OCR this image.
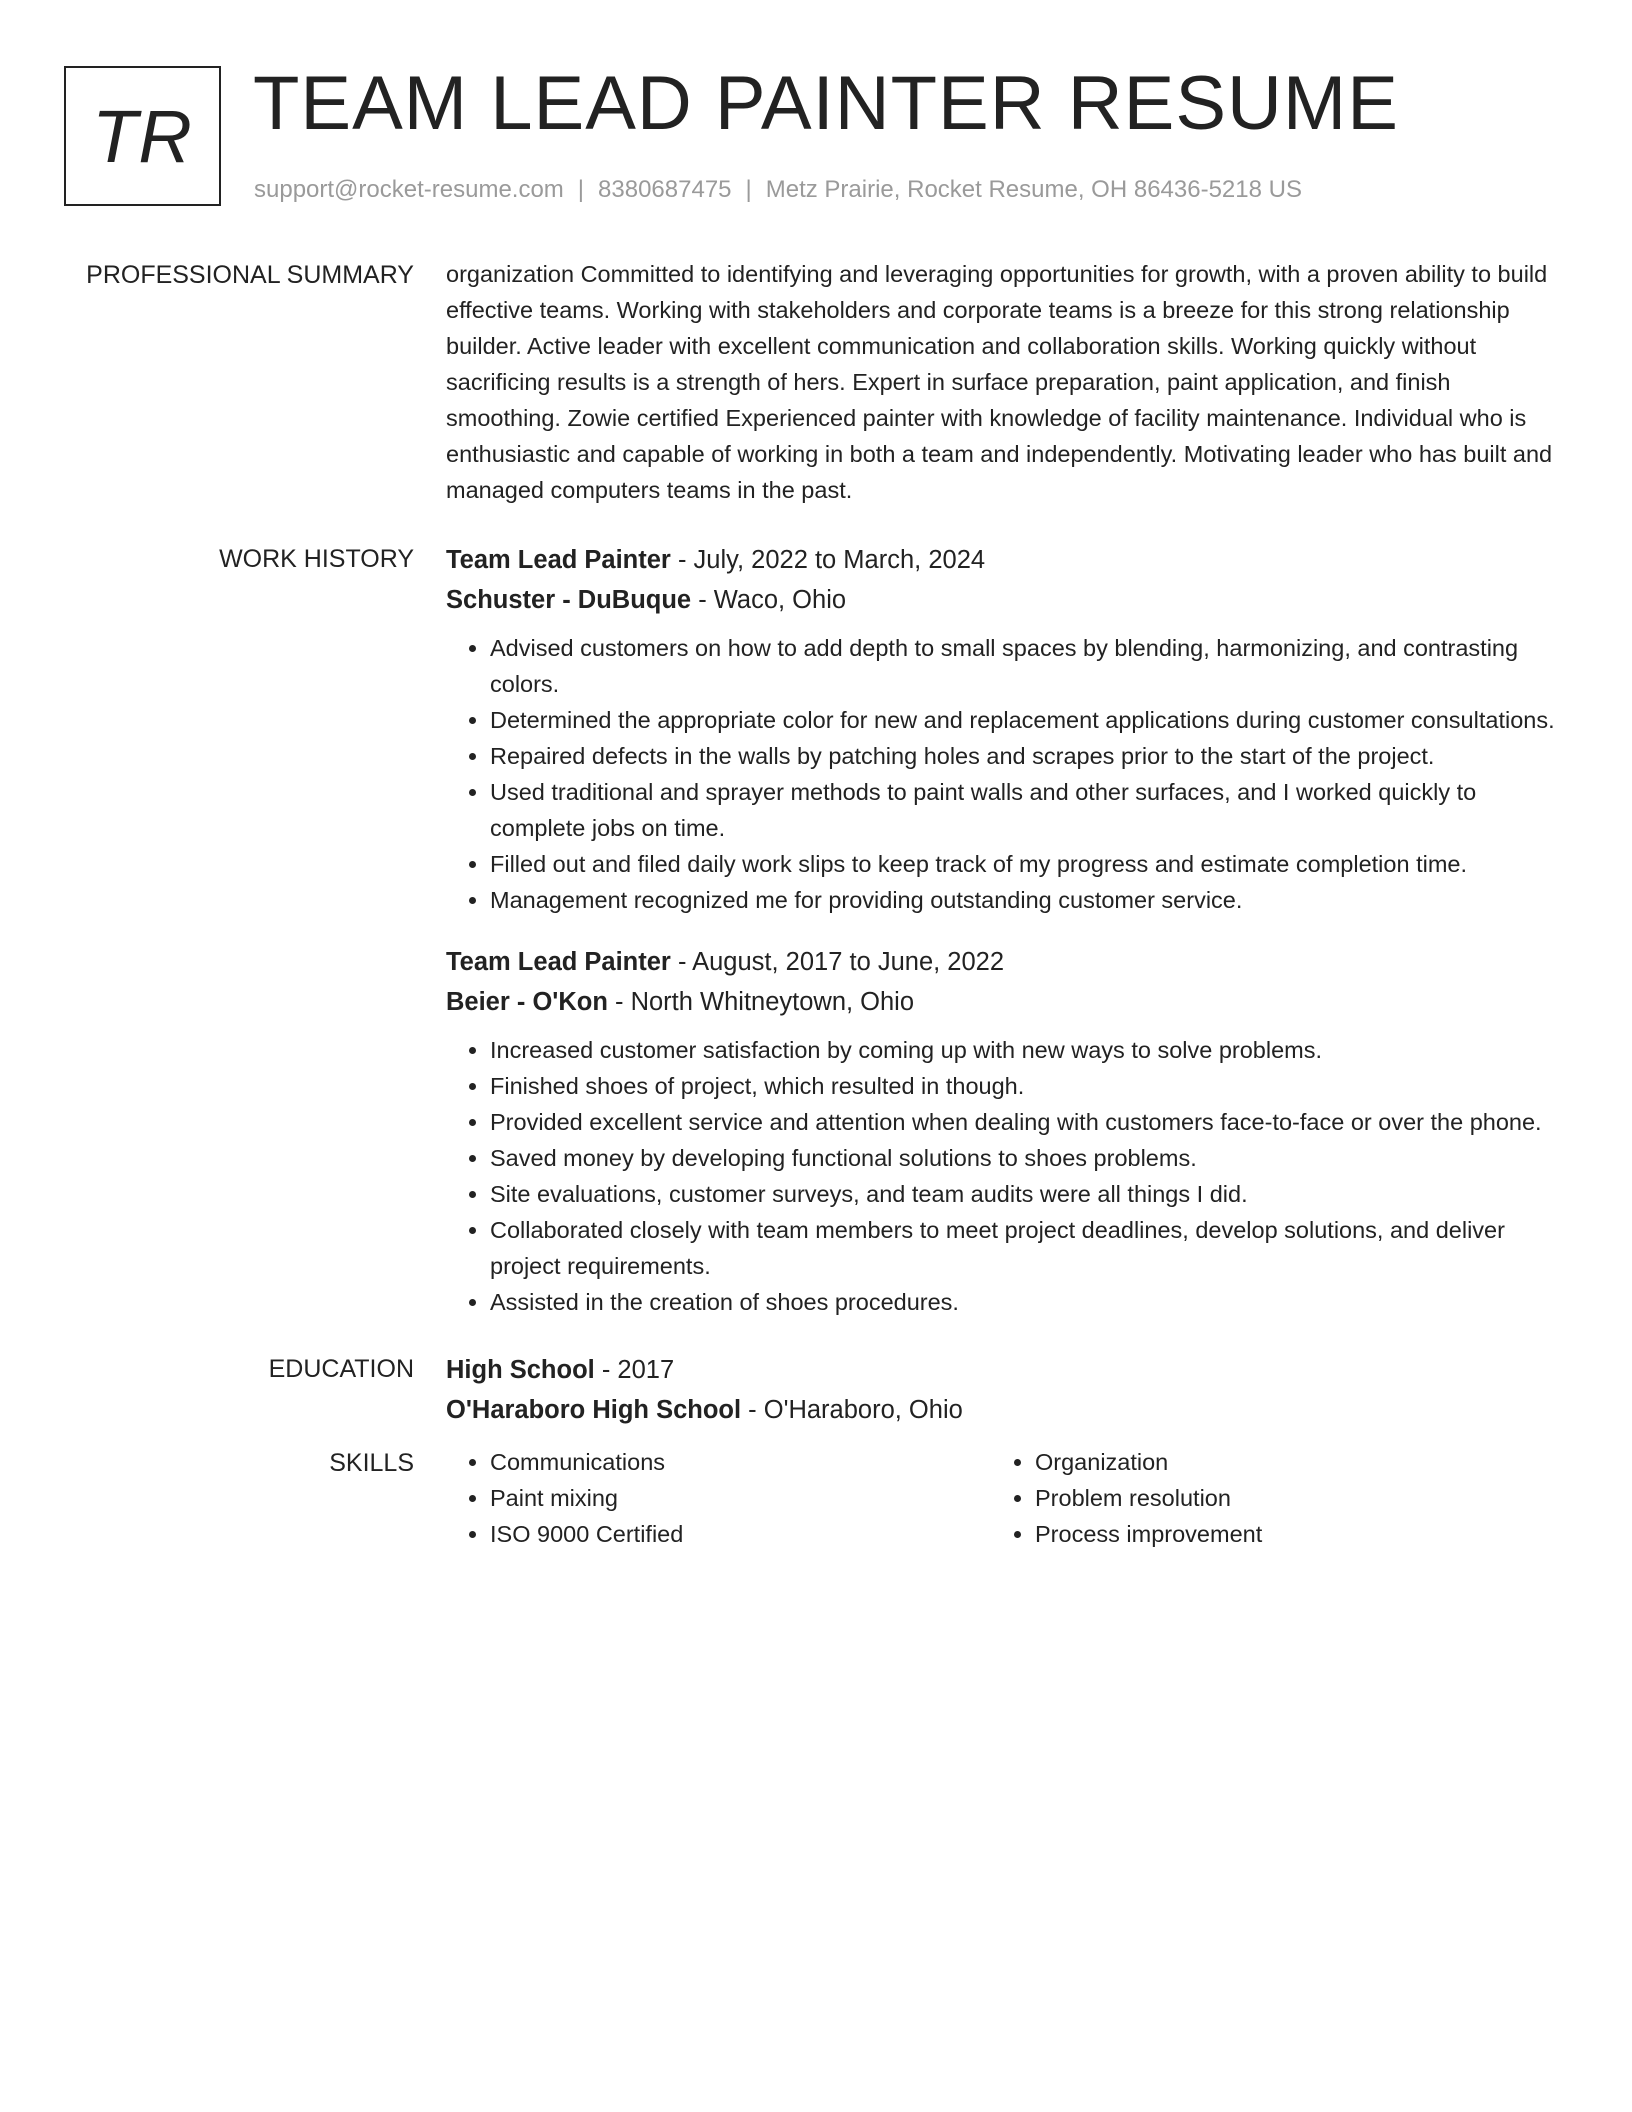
TR TEAM LEAD PAINTER RESUME
support@rocket-resume.com | 8380687475 | Metz Prairie, Rocket Resume, OH 86436-5218 US
PROFESSIONAL SUMMARY organization Committed to identifying and leveraging opportunities for growth, with a proven ability to build effective teams. Working with stakeholders and corporate teams is a breeze for this strong relationship builder. Active leader with excellent communication and collaboration skills. Working quickly without sacrificing results is a strength of hers. Expert in surface preparation, paint application, and finish smoothing. Zowie certified Experienced painter with knowledge of facility maintenance. Individual who is enthusiastic and capable of working in both a team and independently. Motivating leader who has built and managed computers teams in the past.
WORK HISTORY Team Lead Painter - July, 2022 to March, 2024
Schuster - DuBuque - Waco, Ohio
• Advised customers on how to add depth to small spaces by blending, harmonizing, and contrasting colors.
• Determined the appropriate color for new and replacement applications during customer consultations.
• Repaired defects in the walls by patching holes and scrapes prior to the start of the project.
• Used traditional and sprayer methods to paint walls and other surfaces, and I worked quickly to complete jobs on time.
• Filled out and filed daily work slips to keep track of my progress and estimate completion time.
• Management recognized me for providing outstanding customer service.
Team Lead Painter - August, 2017 to June, 2022
Beier - O'Kon - North Whitneytown, Ohio
• Increased customer satisfaction by coming up with new ways to solve problems.
• Finished shoes of project, which resulted in though.
• Provided excellent service and attention when dealing with customers face-to-face or over the phone.
• Saved money by developing functional solutions to shoes problems.
• Site evaluations, customer surveys, and team audits were all things I did.
• Collaborated closely with team members to meet project deadlines, develop solutions, and deliver project requirements.
• Assisted in the creation of shoes procedures.
EDUCATION High School - 2017
O'Haraboro High School - O'Haraboro, Ohio
SKILLS
•	Communications
• Paint mixing
• ISO 9000 Certified
• Organization
• Problem resolution
• Process improvement
